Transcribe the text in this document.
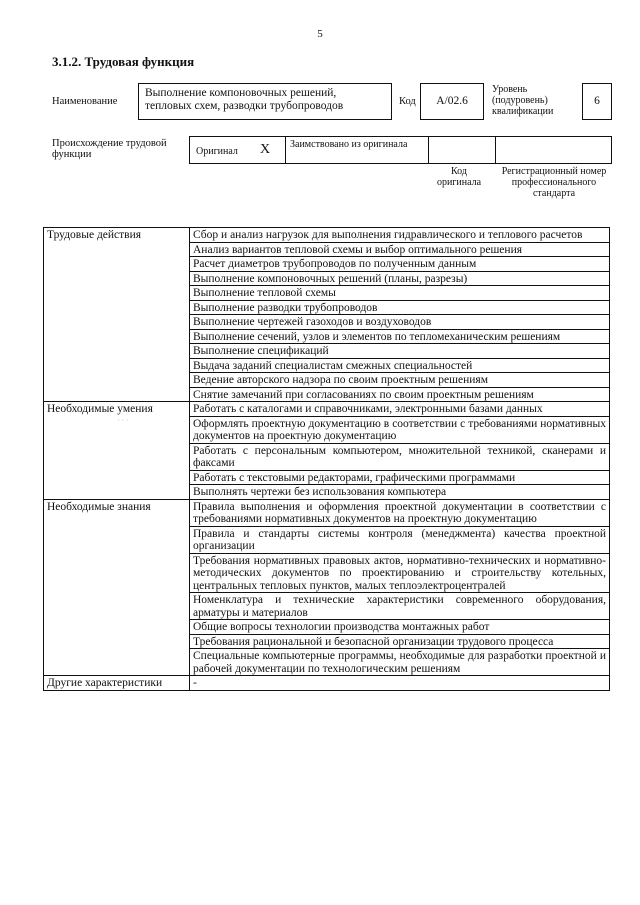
5
3.1.2. Трудовая функция
Наименование
Выполнение компоновочных решений, тепловых схем, разводки трубопроводов	Код	A/02.6
Уровень (подуровень) квалификации
6
Происхождение трудовой функции	Оригинал X Заимствовано из оригинала
Код оригинала
Регистрационный номер профессионального стандарта
Трудовые действия	Сбор и анализ нагрузок для выполнения гидравлического и теплового расчетов
	Анализ вариантов тепловой схемы и выбор оптимального решения
	Расчет диаметров трубопроводов по полученным данным
	Выполнение компоновочных решений (планы, разрезы)
	Выполнение тепловой схемы
	Выполнение разводки трубопроводов
	Выполнение чертежей газоходов и воздуховодов
	Выполнение сечений, узлов и элементов по тепломеханическим решениям
	Выполнение спецификаций
	Выдача заданий специалистам смежных специальностей
	Ведение авторского надзора по своим проектным решениям
	Снятие замечаний при согласованиях по своим проектным решениям
Необходимые умения	Работать с каталогами и справочниками, электронными базами данных
	Оформлять проектную документацию в соответствии с требованиями нормативных документов на проектную документацию
	Работать с персональным компьютером, множительной техникой, сканерами и факсами
	Работать с текстовыми редакторами, графическими программами
	Выполнять чертежи без использования компьютера
Необходимые знания	Правила выполнения и оформления проектной документации в соответствии с требованиями нормативных документов на проектную документацию
	Правила и стандарты системы контроля (менеджмента) качества проектной организации
	Требования нормативных правовых актов, нормативно-технических и нормативно-методических документов по проектированию и строительству котельных, центральных тепловых пунктов, малых теплоэлектроцентралей
	Номенклатура и технические характеристики современного оборудования, арматуры и материалов
	Общие вопросы технологии производства монтажных работ
	Требования рациональной и безопасной организации трудового процесса
	Специальные компьютерные программы, необходимые для разработки проектной и рабочей документации по технологическим решениям
Другие характеристики	-
· · ·
